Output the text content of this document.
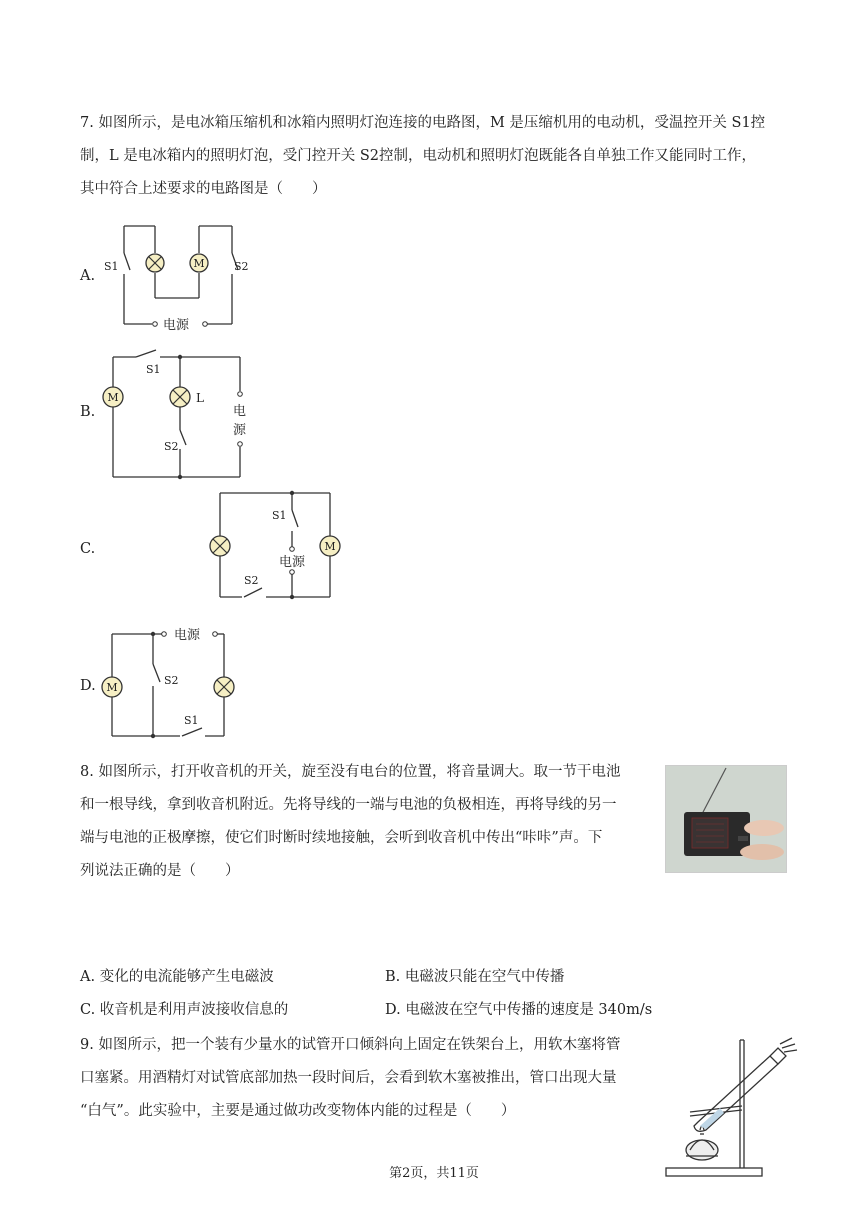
7. 如图所示，是电冰箱压缩机和冰箱内照明灯泡连接的电路图，M 是压缩机用的电动机，受温控开关 S1控
制，L 是电冰箱内的照明灯泡，受门控开关 S2控制，电动机和照明灯泡既能各自单独工作又能同时工作，
其中符合上述要求的电路图是（　　）
A.
M
电源
S1	S2
B.
M	L
电
源
S1
S2
C.	M
电源
S1
S2
D.
电源
M
S2
S1
8. 如图所示，打开收音机的开关，旋至没有电台的位置，将音量调大。取一节干电池
和一根导线，拿到收音机附近。先将导线的一端与电池的负极相连，再将导线的另一
端与电池的正极摩擦，使它们时断时续地接触，会听到收音机中传出“咔咔”声。下
列说法正确的是（　　）
A. 变化的电流能够产生电磁波	B. 电磁波只能在空气中传播
C. 收音机是利用声波接收信息的	D. 电磁波在空气中传播的速度是 340m/s
9. 如图所示，把一个装有少量水的试管开口倾斜向上固定在铁架台上，用软木塞将管
口塞紧。用酒精灯对试管底部加热一段时间后，会看到软木塞被推出，管口出现大量
“白气”。此实验中，主要是通过做功改变物体内能的过程是（　　）
第2页，共11页
